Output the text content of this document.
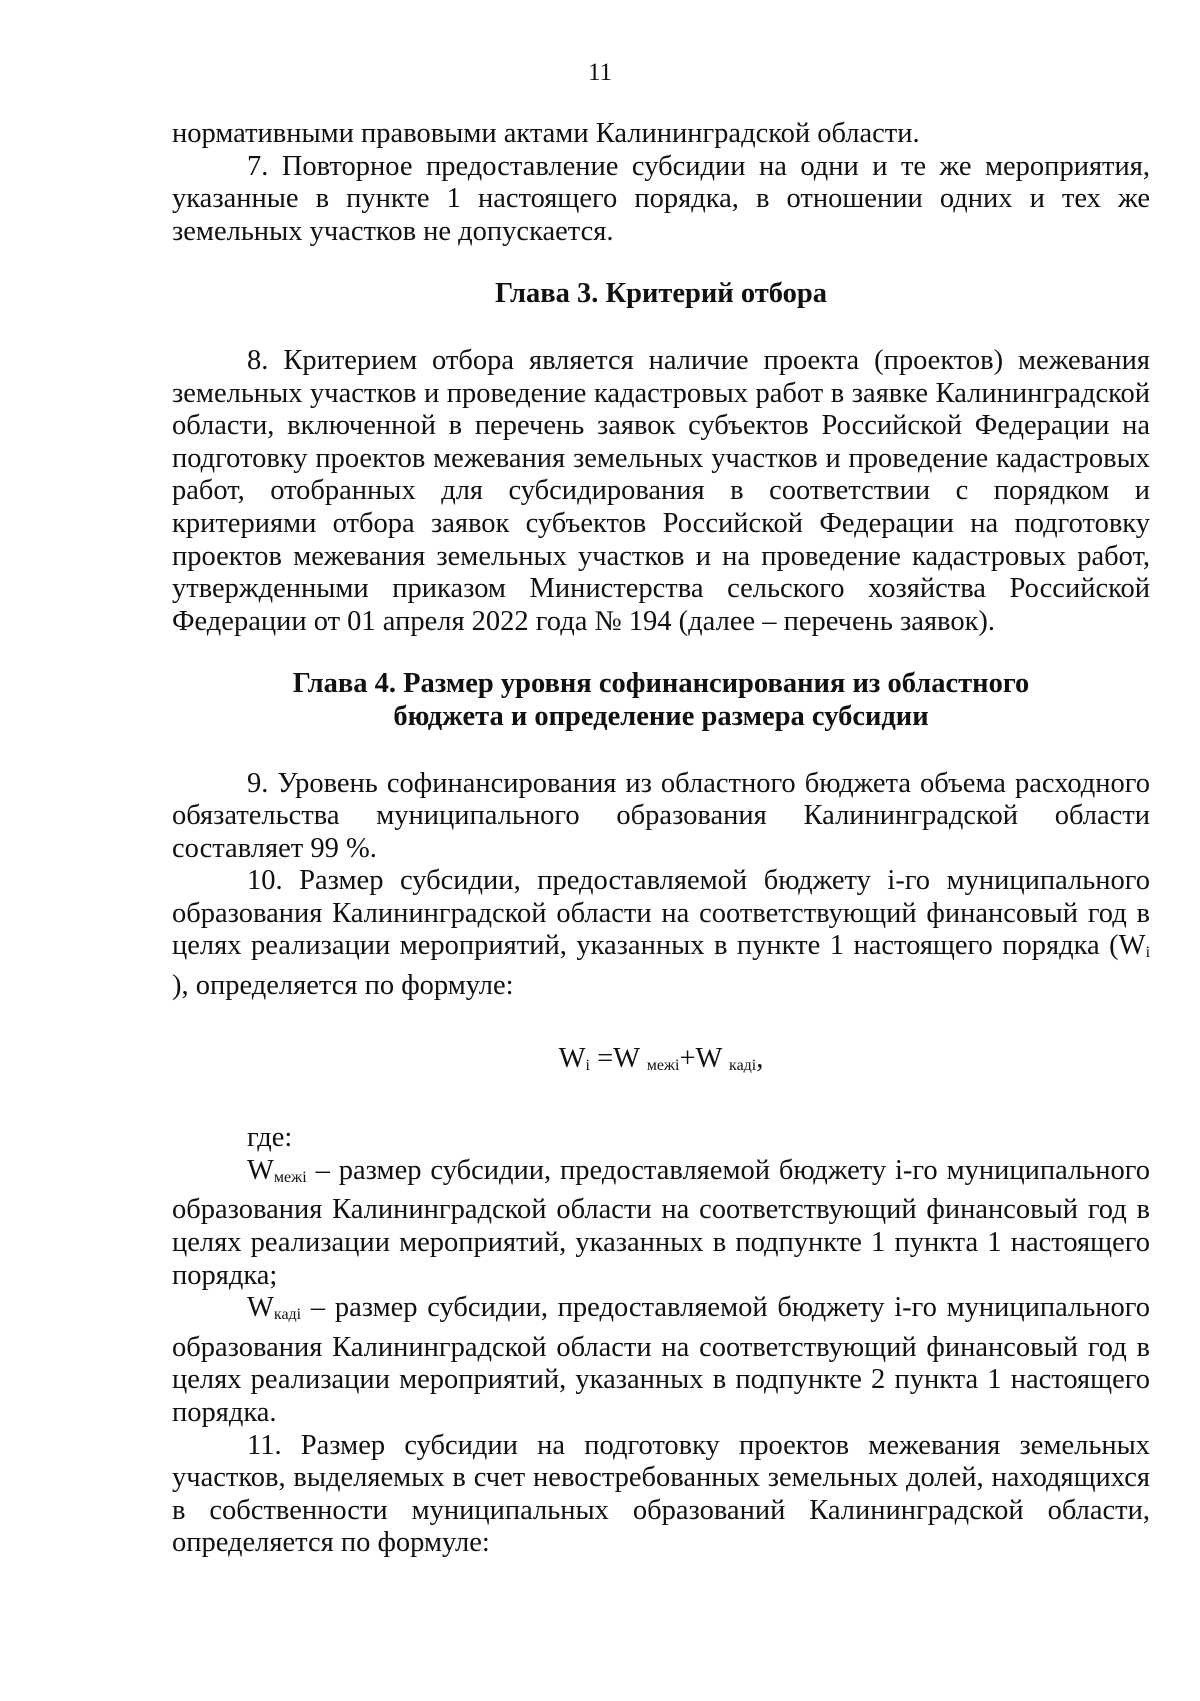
11

нормативными правовыми актами Калининградской области.

7. Повторное предоставление субсидии на одни и те же мероприятия, указанные в пункте 1 настоящего порядка, в отношении одних и тех же земельных участков не допускается.

Глава 3. Критерий отбора

8. Критерием отбора является наличие проекта (проектов) межевания земельных участков и проведение кадастровых работ в заявке Калининградской области, включенной в перечень заявок субъектов Российской Федерации на подготовку проектов межевания земельных участков и проведение кадастровых работ, отобранных для субсидирования в соответствии с порядком и критериями отбора заявок субъектов Российской Федерации на подготовку проектов межевания земельных участков и на проведение кадастровых работ, утвержденными приказом Министерства сельского хозяйства Российской Федерации от 01 апреля 2022 года № 194 (далее – перечень заявок).

Глава 4. Размер уровня софинансирования из областного

бюджета и определение размера субсидии

9. Уровень софинансирования из областного бюджета объема расходного обязательства муниципального образования Калининградской области составляет 99 %.

10. Размер субсидии, предоставляемой бюджету i-го муниципального образования Калининградской области на соответствующий финансовый год в целях реализации мероприятий, указанных в пункте 1 настоящего порядка (Wi ), определяется по формуле:

Wi =W межі+W каді,

где:

Wмежі – размер субсидии, предоставляемой бюджету i-го муниципального образования Калининградской области на соответствующий финансовый год в целях реализации мероприятий, указанных в подпункте 1 пункта 1 настоящего порядка;

Wкаді – размер субсидии, предоставляемой бюджету i-го муниципального образования Калининградской области на соответствующий финансовый год в целях реализации мероприятий, указанных в подпункте 2 пункта 1 настоящего порядка.

11. Размер субсидии на подготовку проектов межевания земельных участков, выделяемых в счет невостребованных земельных долей, находящихся в собственности муниципальных образований Калининградской области, определяется по формуле:
